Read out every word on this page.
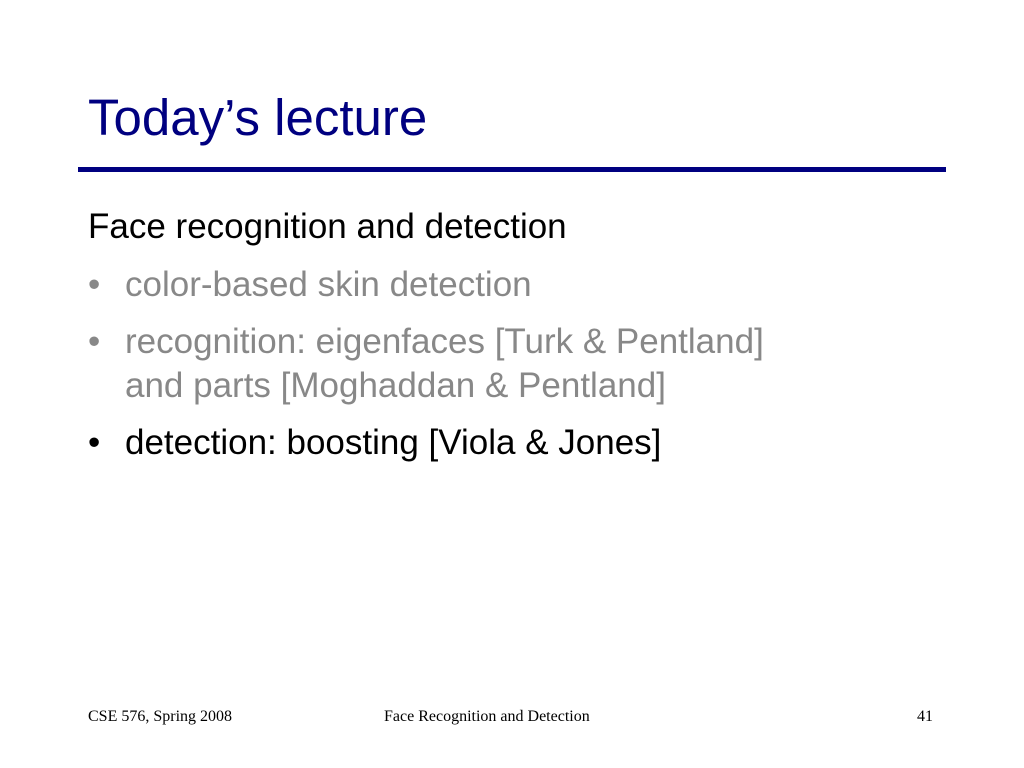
Today’s lecture
Face recognition and detection
• color-based skin detection
• recognition: eigenfaces [Turk & Pentland]
and parts [Moghaddan & Pentland]
• detection: boosting [Viola & Jones]
CSE 576, Spring 2008	Face Recognition and Detection	41
